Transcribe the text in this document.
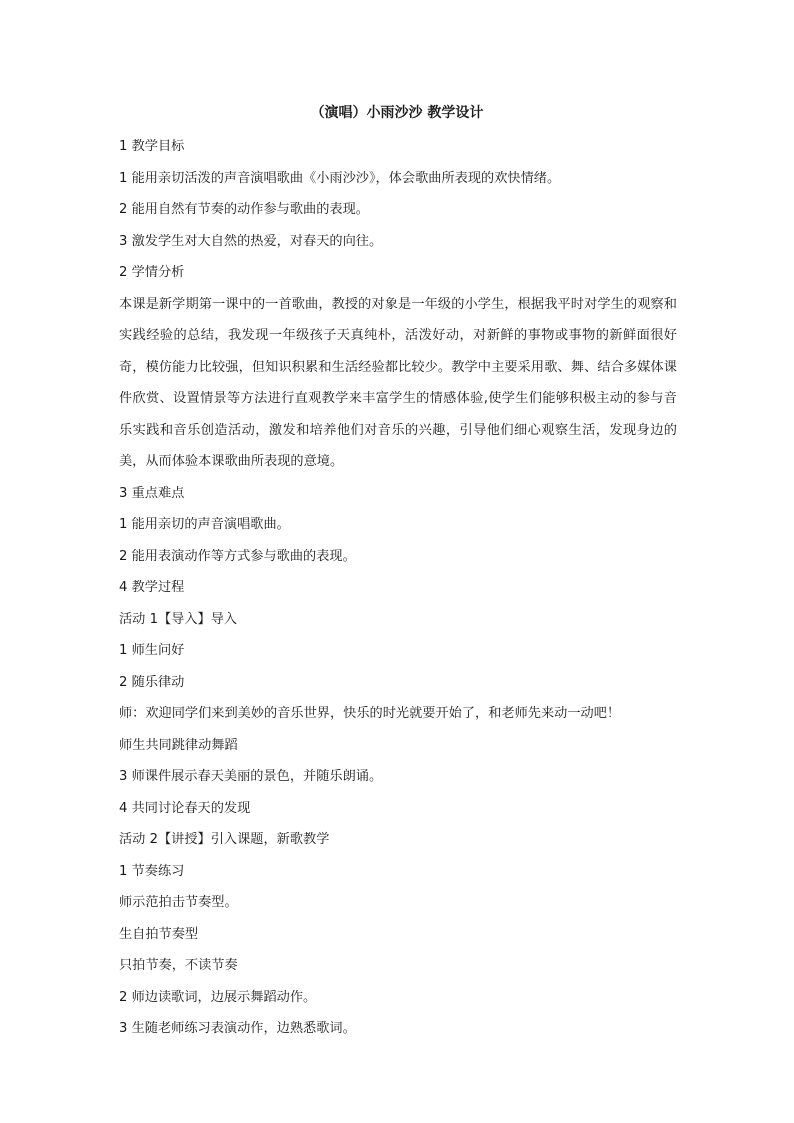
（演唱）小雨沙沙 教学设计

1 教学目标

1 能用亲切活泼的声音演唱歌曲《小雨沙沙》，体会歌曲所表现的欢快情绪。

2 能用自然有节奏的动作参与歌曲的表现。

3 激发学生对大自然的热爱，对春天的向往。

2 学情分析

本课是新学期第一课中的一首歌曲，教授的对象是一年级的小学生，根据我平时对学生的观察和实践经验的总结，我发现一年级孩子天真纯朴，活泼好动，对新鲜的事物或事物的新鲜面很好奇，模仿能力比较强，但知识积累和生活经验都比较少。教学中主要采用歌、舞、结合多媒体课件欣赏、设置情景等方法进行直观教学来丰富学生的情感体验,使学生们能够积极主动的参与音乐实践和音乐创造活动，激发和培养他们对音乐的兴趣，引导他们细心观察生活，发现身边的美，从而体验本课歌曲所表现的意境。

3 重点难点

1 能用亲切的声音演唱歌曲。

2 能用表演动作等方式参与歌曲的表现。

4 教学过程

活动 1【导入】导入

1 师生问好

2 随乐律动

师：欢迎同学们来到美妙的音乐世界，快乐的时光就要开始了，和老师先来动一动吧！

师生共同跳律动舞蹈

3 师课件展示春天美丽的景色，并随乐朗诵。

4 共同讨论春天的发现

活动 2【讲授】引入课题，新歌教学

1 节奏练习

师示范拍击节奏型。

生自拍节奏型

只拍节奏，不读节奏

2 师边读歌词，边展示舞蹈动作。

3 生随老师练习表演动作，边熟悉歌词。
